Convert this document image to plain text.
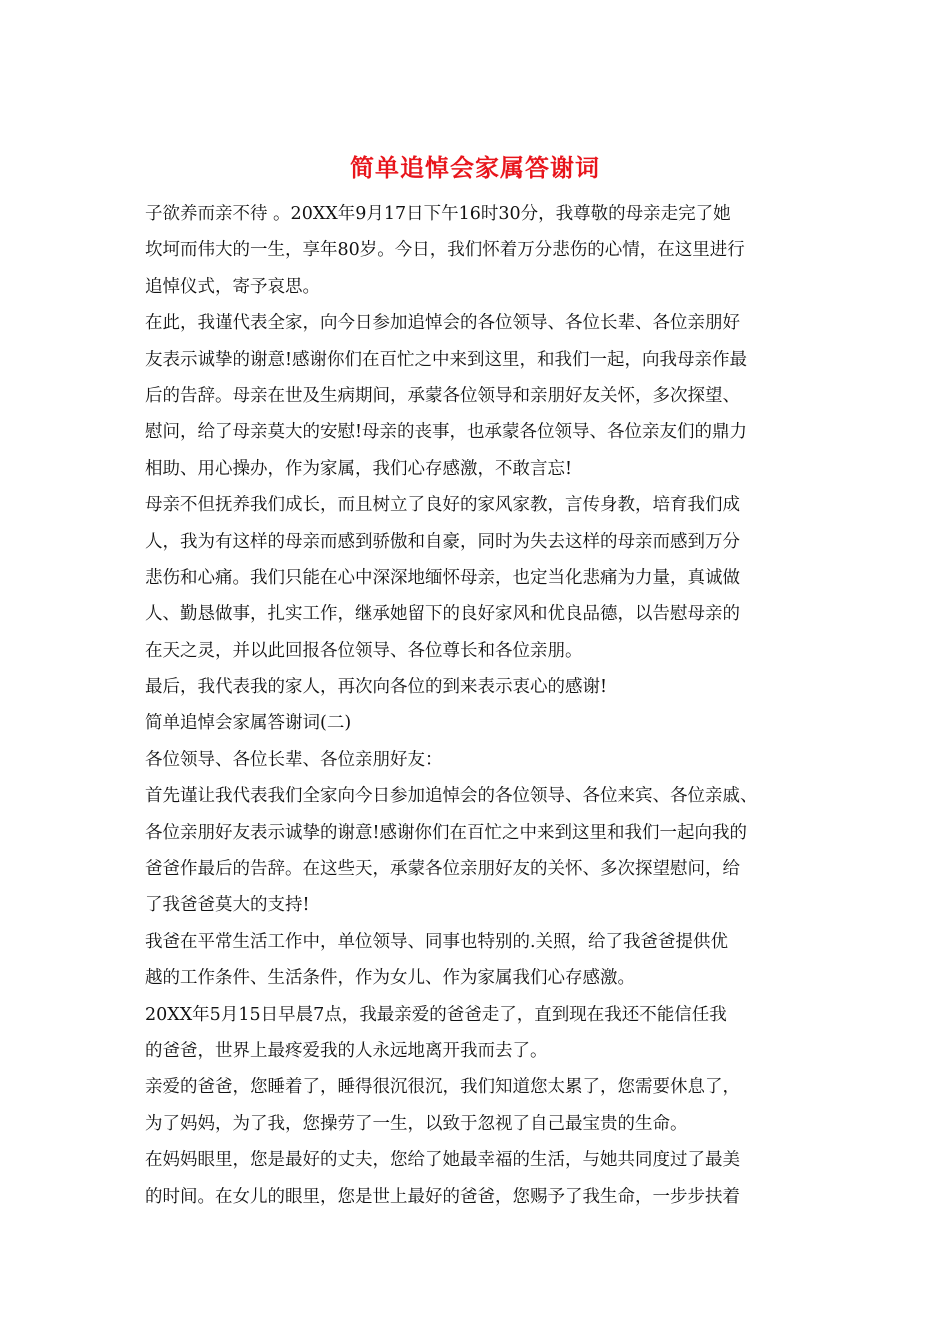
简单追悼会家属答谢词
子欲养而亲不待 。20XX年9月17日下午16时30分，我尊敬的母亲走完了她
坎坷而伟大的一生，享年80岁。今日，我们怀着万分悲伤的心情，在这里进行
追悼仪式，寄予哀思。
在此，我谨代表全家，向今日参加追悼会的各位领导、各位长辈、各位亲朋好
友表示诚挚的谢意!感谢你们在百忙之中来到这里，和我们一起，向我母亲作最
后的告辞。母亲在世及生病期间，承蒙各位领导和亲朋好友关怀，多次探望、
慰问，给了母亲莫大的安慰!母亲的丧事，也承蒙各位领导、各位亲友们的鼎力
相助、用心操办，作为家属，我们心存感激，不敢言忘!
母亲不但抚养我们成长，而且树立了良好的家风家教，言传身教，培育我们成
人，我为有这样的母亲而感到骄傲和自豪，同时为失去这样的母亲而感到万分
悲伤和心痛。我们只能在心中深深地缅怀母亲，也定当化悲痛为力量，真诚做
人、勤恳做事，扎实工作，继承她留下的良好家风和优良品德，以告慰母亲的
在天之灵，并以此回报各位领导、各位尊长和各位亲朋。
最后，我代表我的家人，再次向各位的到来表示衷心的感谢!
简单追悼会家属答谢词(二)
各位领导、各位长辈、各位亲朋好友：
首先谨让我代表我们全家向今日参加追悼会的各位领导、各位来宾、各位亲戚、
各位亲朋好友表示诚挚的谢意!感谢你们在百忙之中来到这里和我们一起向我的
爸爸作最后的告辞。在这些天，承蒙各位亲朋好友的关怀、多次探望慰问，给
了我爸爸莫大的支持!
我爸在平常生活工作中，单位领导、同事也特别的.关照，给了我爸爸提供优
越的工作条件、生活条件，作为女儿、作为家属我们心存感激。
20XX年5月15日早晨7点，我最亲爱的爸爸走了，直到现在我还不能信任我
的爸爸，世界上最疼爱我的人永远地离开我而去了。
亲爱的爸爸，您睡着了，睡得很沉很沉，我们知道您太累了，您需要休息了，
为了妈妈，为了我，您操劳了一生，以致于忽视了自己最宝贵的生命。
在妈妈眼里，您是最好的丈夫，您给了她最幸福的生活，与她共同度过了最美
的时间。在女儿的眼里，您是世上最好的爸爸，您赐予了我生命，一步步扶着
